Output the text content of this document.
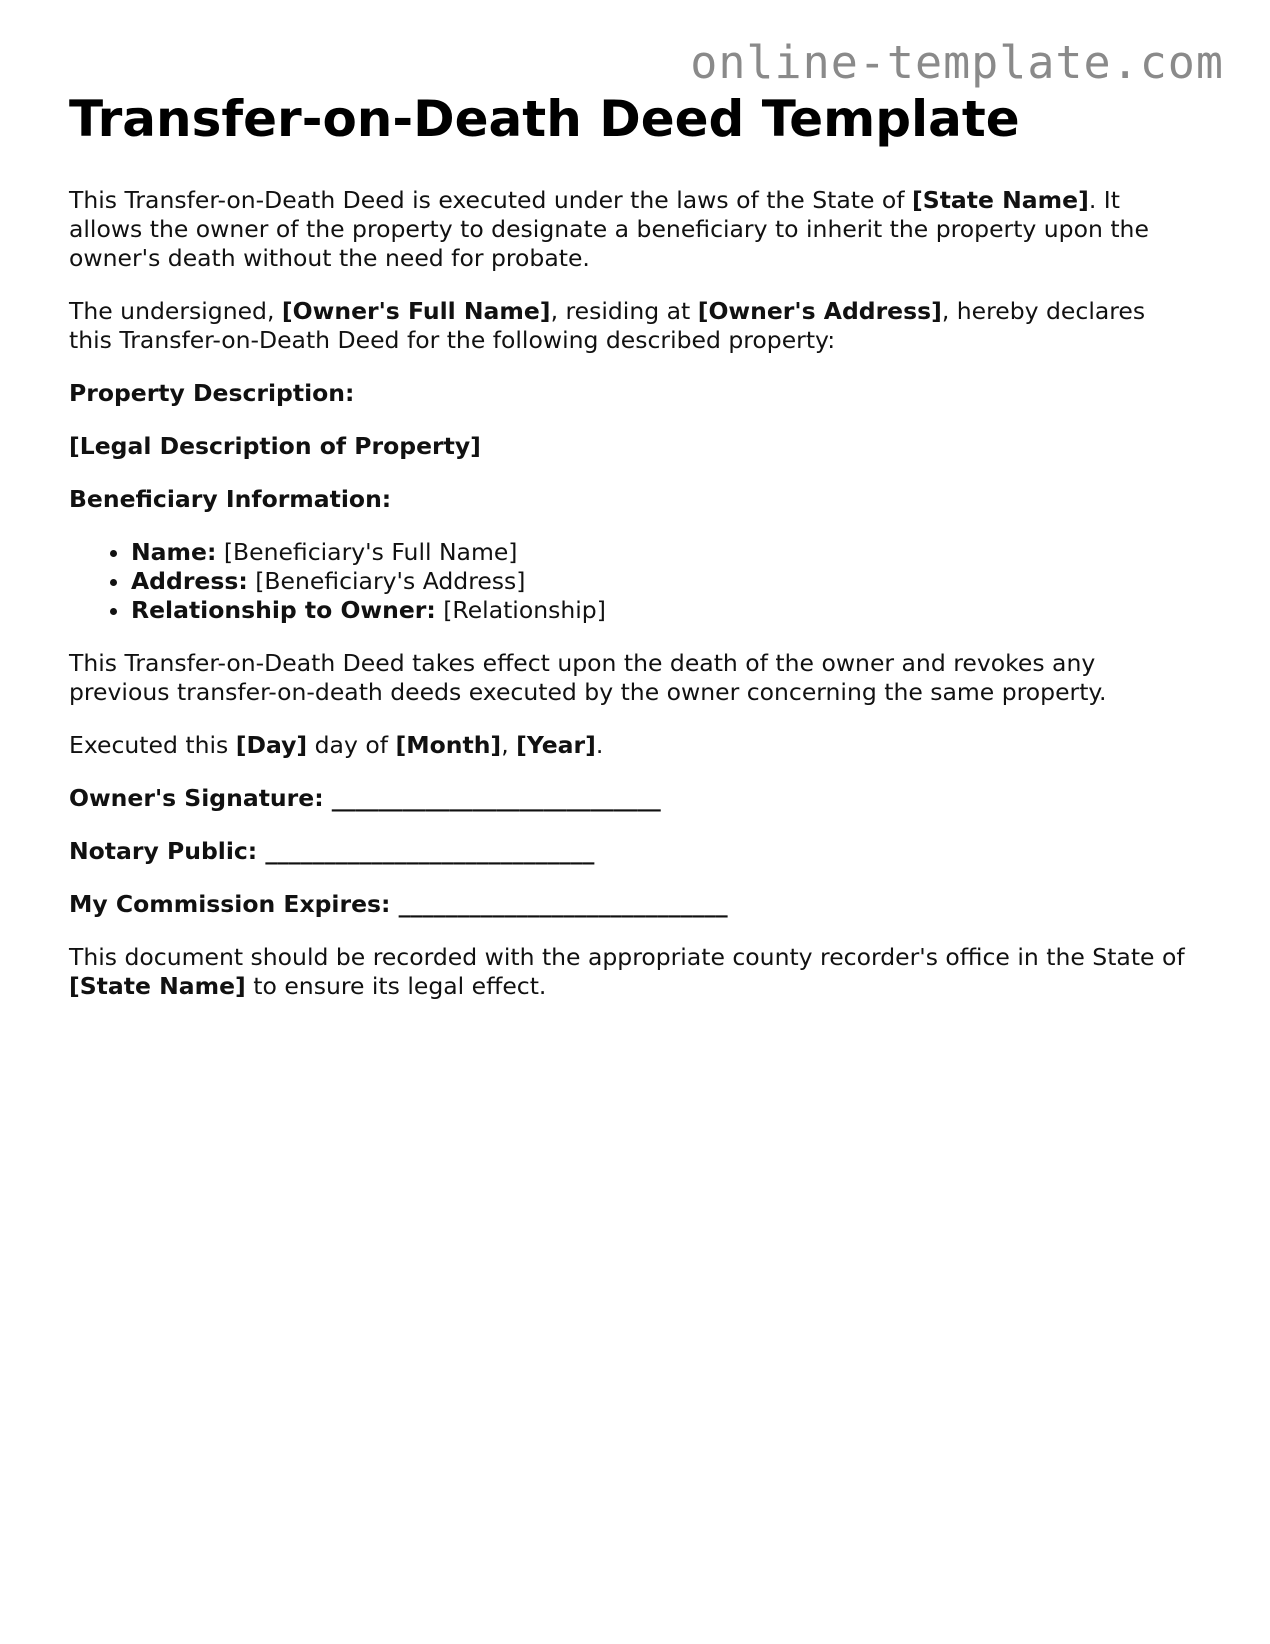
online-template.com
Transfer-on-Death Deed Template

This Transfer-on-Death Deed is executed under the laws of the State of [State Name]. It allows the owner of the property to designate a beneficiary to inherit the property upon the owner's death without the need for probate.

The undersigned, [Owner's Full Name], residing at [Owner's Address], hereby declares this Transfer-on-Death Deed for the following described property:

Property Description:

[Legal Description of Property]

Beneficiary Information:

• Name: [Beneficiary's Full Name]
• Address: [Beneficiary's Address]
• Relationship to Owner: [Relationship]

This Transfer-on-Death Deed takes effect upon the death of the owner and revokes any previous transfer-on-death deeds executed by the owner concerning the same property.

Executed this [Day] day of [Month], [Year].

Owner's Signature: ____________________________

Notary Public: ____________________________

My Commission Expires: ____________________________

This document should be recorded with the appropriate county recorder's office in the State of [State Name] to ensure its legal effect.
